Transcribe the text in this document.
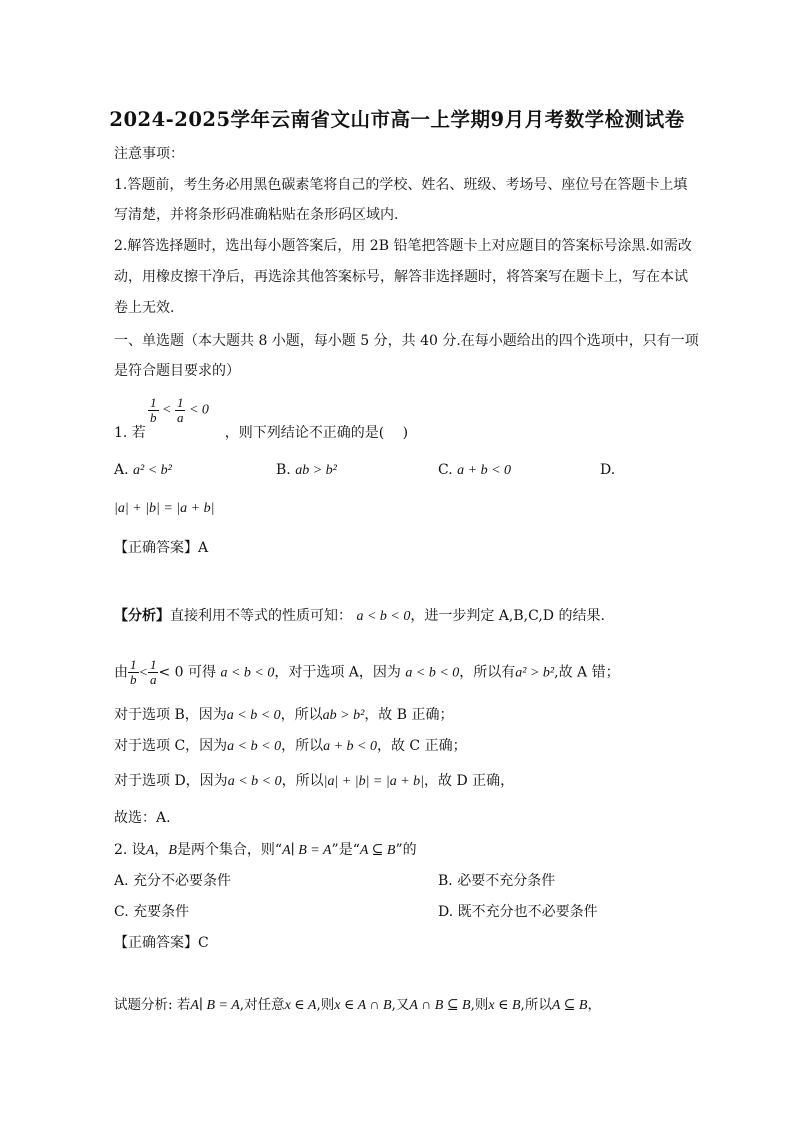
2024-2025学年云南省文山市高一上学期9月月考数学检测试卷
注意事项：
1.答题前，考生务必用黑色碳素笔将自己的学校、姓名、班级、考场号、座位号在答题卡上填
写清楚，并将条形码准确粘贴在条形码区域内.
2.解答选择题时，选出每小题答案后，用 2B 铅笔把答题卡上对应题目的答案标号涂黑.如需改
动，用橡皮擦干净后，再选涂其他答案标号，解答非选择题时，将答案写在题卡上，写在本试
卷上无效.
一、单选题（本大题共 8 小题，每小题 5 分，共 40 分.在每小题给出的四个选项中，只有一项
是符合题目要求的）
$\frac{1}{b} < \frac{1}{a} < 0$
1. 若	，则下列结论不正确的是(　 )
A. a² < b²	B. ab > b²	C. a + b < 0	D.
|a| + |b| = |a + b|
【正确答案】A
【分析】直接利用不等式的性质可知： a < b < 0，进一步判定 A,B,C,D 的结果.
由 $\frac{1}{b} < \frac{1}{a} < 0$ 可得 a < b < 0，对于选项 A，因为 a < b < 0，所以有a² > b²,故 A 错；
对于选项 B，因为a < b < 0，所以ab > b²，故 B 正确；
对于选项 C，因为a < b < 0，所以a + b < 0，故 C 正确；
对于选项 D，因为a < b < 0，所以|a| + |b| = |a + b|，故 D 正确，
故选：A.
2. 设A，B是两个集合，则“A∣ B = A”是“A ⊆ B”的
A. 充分不必要条件	B. 必要不充分条件
C. 充要条件	D. 既不充分也不必要条件
【正确答案】C
试题分析: 若A∣ B = A,对任意x ∈ A,则x ∈ A ∩ B,又A ∩ B ⊆ B,则x ∈ B,所以A ⊆ B，
